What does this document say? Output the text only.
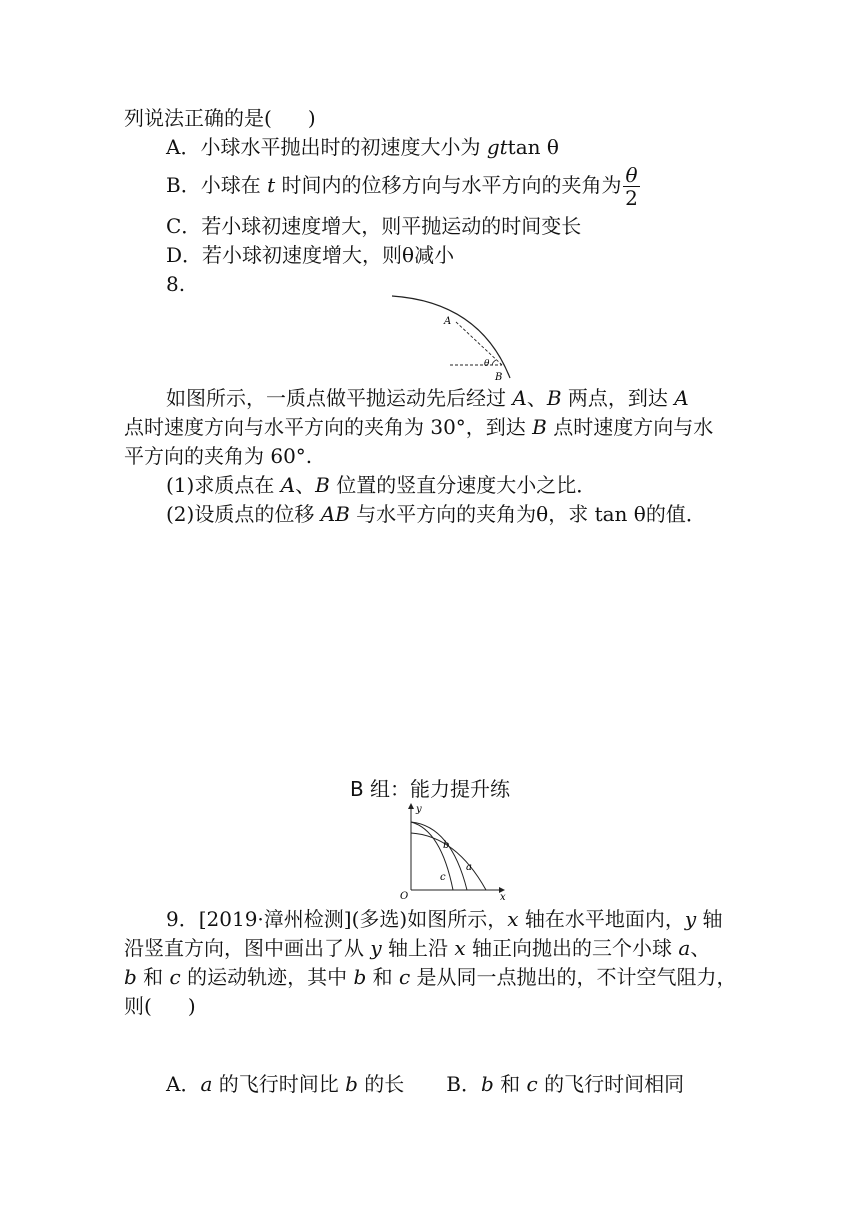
列说法正确的是( )
A．小球水平抛出时的初速度大小为 gttan θ
B．小球在 t 时间内的位移方向与水平方向的夹角为 $\frac{\theta}{2}$
C．若小球初速度增大，则平抛运动的时间变长
D．若小球初速度增大，则θ减小
8.
A
θ
B
如图所示，一质点做平抛运动先后经过 A、B 两点，到达 A
点时速度方向与水平方向的夹角为 30°，到达 B 点时速度方向与水
平方向的夹角为 60°.
(1)求质点在 A、B 位置的竖直分速度大小之比．
(2)设质点的位移 AB 与水平方向的夹角为θ，求 tan θ的值．
B 组：能力提升练
y
b
a
c
O	x
9．[2019·漳州检测](多选)如图所示，x 轴在水平地面内，y 轴
沿竖直方向，图中画出了从 y 轴上沿 x 轴正向抛出的三个小球 a、
b 和 c 的运动轨迹，其中 b 和 c 是从同一点抛出的，不计空气阻力，
则( )
A．a 的飞行时间比 b 的长 B．b 和 c 的飞行时间相同
